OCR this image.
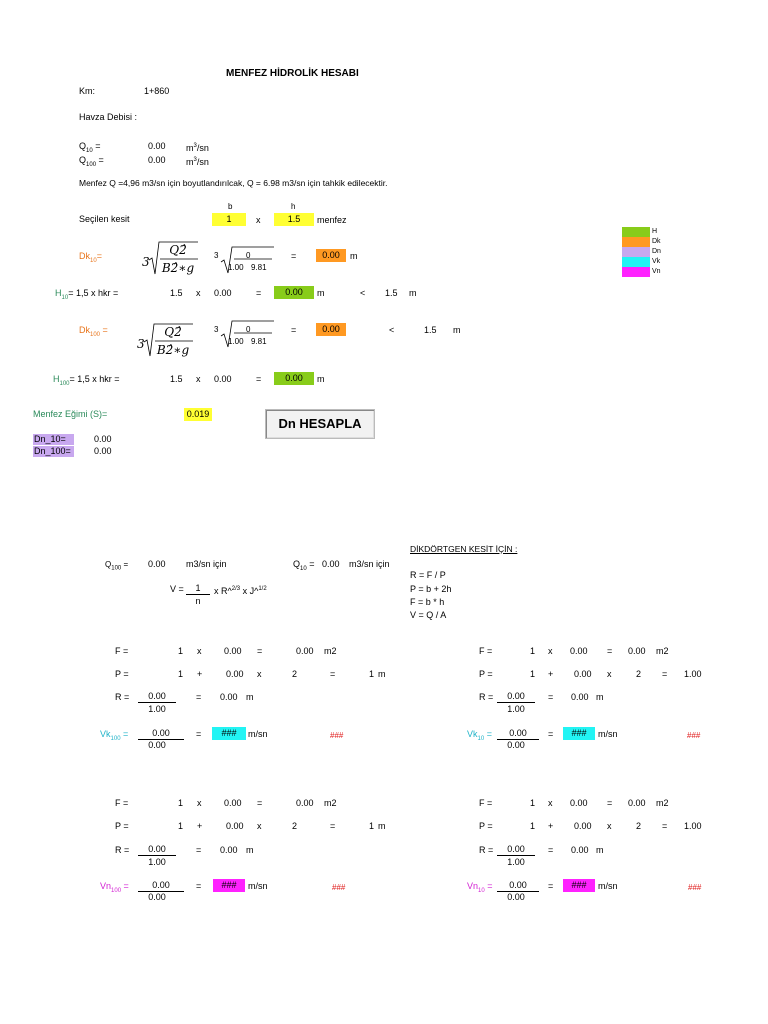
MENFEZ HİDROLİK HESABI
Km:	1+860
Havza Debisi :
$Q_{10}$ =	0.00 $m^3/sn$
$Q_{100}$ =	0.00 $m^3/sn$
Menfez Q =4,96 m3/sn için boyutlandırılcak, Q = 6.98 m3/sn için tahkik edilecektir.
b	h
Seçilen kesit	1	x	1.5	menfez
H
Dk
Dn
Vk
Vn
$Dk_{10}=$	3
Q2̂
B2̂∗g
3	0
1.00 9.81
=	0.00	m
$H_{10}= 1,5$ x hkr =	1.5 x 0.00	=	0.00	m	< 1.5 m
$Dk_{100}$ =
3
Q2̂
B2̂∗g
3	0
1.00 9.81
=	0.00	<	1.5 m
$H_{100}= 1,5$ x hkr =	1.5 x 0.00	=	0.00	m
Menfez Eğimi (S)=	0.019
Dn HESAPLA
Dn_10=	0.00
Dn_100=	0.00
DİKDÖRTGEN KESİT İÇİN :
R = F / P
P = b + 2h
F = b * h
V = Q / A
$Q_{100} = 0.00$ m3/sn için	$Q_{10} = 0.00$ m3/sn için
V =	1
n
x R^$^{2/3}$ x J^$^{1/2}$
F =	1 x	0.00 =	0.00 m2
P =	1 +	0.00 x	2	=	1 m
R =	0.00
1.00
= 0.00 m
$Vk_{100}$ =	0.00
0.00
=	###	m/sn	###
F =	1 x 0.00 = 0.00 m2
P =	1 + 0.00 x	2 = 1.00
R =	0.00
1.00
= 0.00 m
$Vk_{10}$ =	0.00
0.00
=	###	m/sn	###
F =	1 x	0.00 =	0.00 m2
P =	1 +	0.00 x	2	=	1 m
R =	0.00
1.00
= 0.00 m
$Vn_{100}$ =	0.00
0.00
=	###	m/sn	###
F =	1 x 0.00 = 0.00 m2
P =	1 + 0.00 x	2 = 1.00
R =	0.00
1.00
= 0.00 m
$Vn_{10}$ =	0.00
0.00
=	###	m/sn	###
